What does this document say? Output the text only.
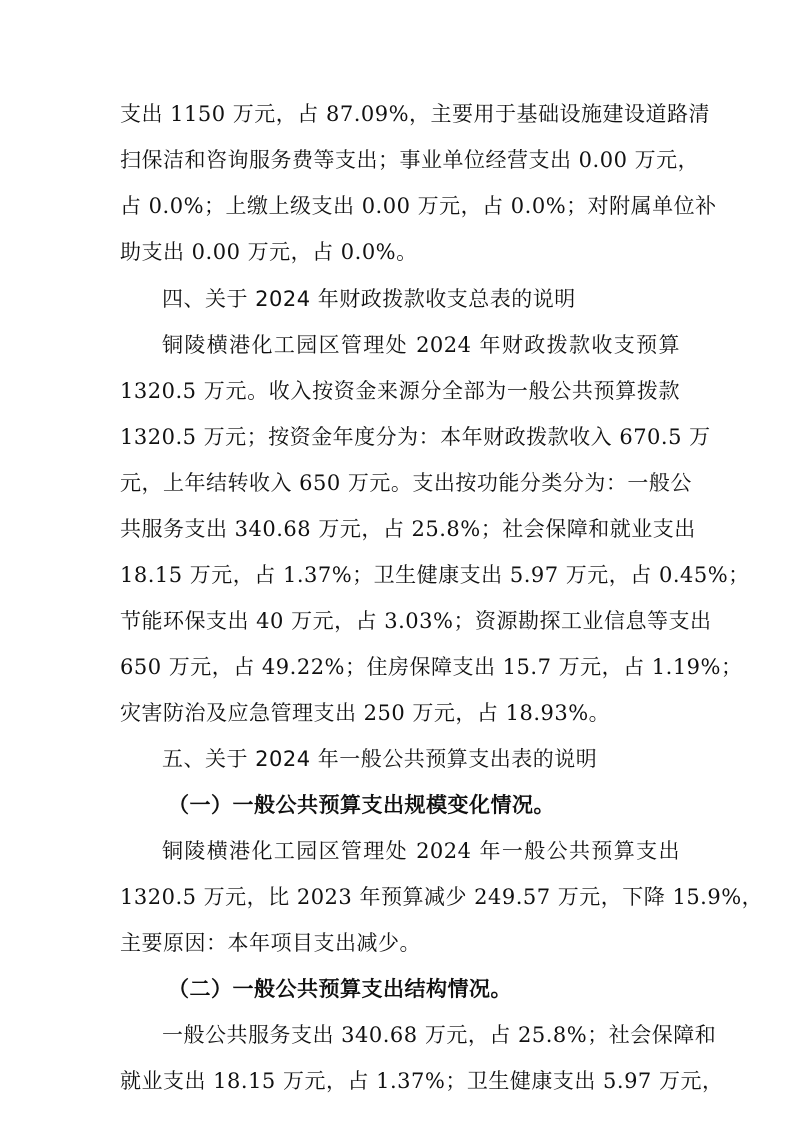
支出 1150 万元，占 87.09%，主要用于基础设施建设道路清
扫保洁和咨询服务费等支出；事业单位经营支出 0.00 万元，
占 0.0%；上缴上级支出 0.00 万元，占 0.0%；对附属单位补
助支出 0.00 万元，占 0.0%。
四、关于 2024 年财政拨款收支总表的说明
铜陵横港化工园区管理处 2024 年财政拨款收支预算
1320.5 万元。收入按资金来源分全部为一般公共预算拨款
1320.5 万元；按资金年度分为：本年财政拨款收入 670.5 万
元，上年结转收入 650 万元。支出按功能分类分为：一般公
共服务支出 340.68 万元，占 25.8%；社会保障和就业支出
18.15 万元，占 1.37%；卫生健康支出 5.97 万元，占 0.45%；
节能环保支出 40 万元，占 3.03%；资源勘探工业信息等支出
650 万元，占 49.22%；住房保障支出 15.7 万元，占 1.19%；
灾害防治及应急管理支出 250 万元，占 18.93%。
五、关于 2024 年一般公共预算支出表的说明
（一）一般公共预算支出规模变化情况。
铜陵横港化工园区管理处 2024 年一般公共预算支出
1320.5 万元，比 2023 年预算减少 249.57 万元，下降 15.9%，
主要原因：本年项目支出减少。
（二）一般公共预算支出结构情况。
一般公共服务支出 340.68 万元，占 25.8%；社会保障和
就业支出 18.15 万元，占 1.37%；卫生健康支出 5.97 万元，
